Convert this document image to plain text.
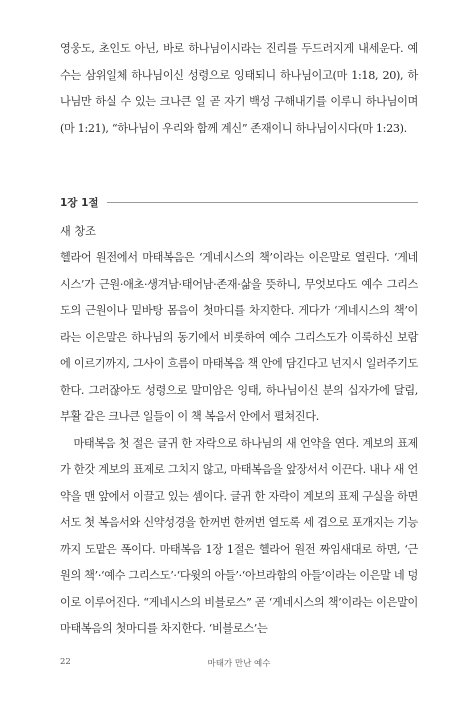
영웅도, 초인도 아닌, 바로 하나님이시라는 진리를 두드러지게 내세운다. 예수는 삼위일체 하나님이신 성령으로 잉태되니 하나님이고(마 1:18, 20), 하나님만 하실 수 있는 크나큰 일 곧 자기 백성 구해내기를 이루니 하나님이며(마 1:21), “하나님이 우리와 함께 계신” 존재이니 하나님이시다(마 1:23).

1장 1절

새 창조

헬라어 원전에서 마태복음은 ‘게네시스의 책’이라는 이은말로 열린다. ‘게네시스’가 근원·애초·생겨남·태어남·존재·삶을 뜻하니, 무엇보다도 예수 그리스도의 근원이나 밑바탕 몸음이 첫마디를 차지한다. 게다가 ‘게네시스의 책’이라는 이은말은 하나님의 동기에서 비롯하여 예수 그리스도가 이룩하신 보람에 이르기까지, 그사이 흐름이 마태복음 책 안에 담긴다고 넌지시 일러주기도 한다. 그러잖아도 성령으로 말미암은 잉태, 하나님이신 분의 십자가에 달림, 부활 같은 크나큰 일들이 이 책 복음서 안에서 펼쳐진다.

마태복음 첫 절은 글귀 한 자락으로 하나님의 새 언약을 연다. 계보의 표제가 한갓 계보의 표제로 그치지 않고, 마태복음을 앞장서서 이끈다. 내나 새 언약을 맨 앞에서 이끌고 있는 셈이다. 글귀 한 자락이 계보의 표제 구실을 하면서도 첫 복음서와 신약성경을 한꺼번 한꺼번 열도록 세 겹으로 포개지는 기능까지 도맡은 폭이다. 마태복음 1장 1절은 헬라어 원전 짜임새대로 하면, ‘근원의 책’·‘예수 그리스도’·‘다윗의 아들’·‘아브라함의 아들’이라는 이은말 네 덩이로 이루어진다. “게네시스의 비블로스” 곧 ‘게네시스의 책’이라는 이은말이 마태복음의 첫마디를 차지한다. ‘비블로스’는

22	마태가 만난 예수
